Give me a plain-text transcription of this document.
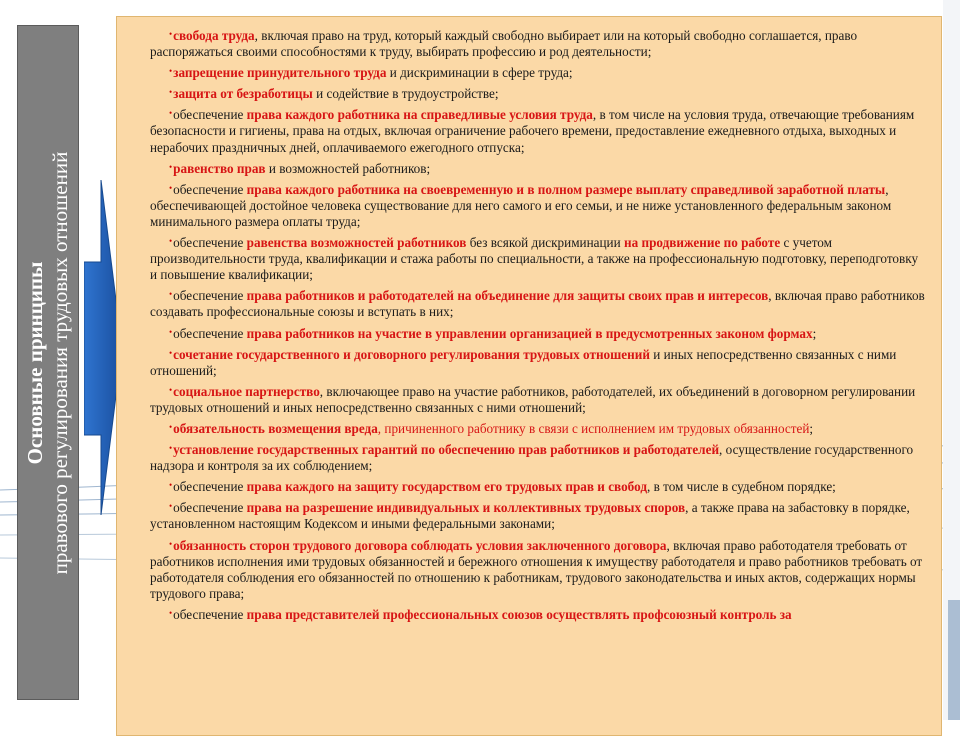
Основные принципы правового регулирования трудовых отношений
•свобода труда, включая право на труд, который каждый свободно выбирает или на который свободно соглашается, право распоряжаться своими способностями к труду, выбирать профессию и род деятельности;
•запрещение принудительного труда и дискриминации в сфере труда;
•защита от безработицы и содействие в трудоустройстве;
•обеспечение права каждого работника на справедливые условия труда, в том числе на условия труда, отвечающие требованиям безопасности и гигиены, права на отдых, включая ограничение рабочего времени, предоставление ежедневного отдыха, выходных и нерабочих праздничных дней, оплачиваемого ежегодного отпуска;
•равенство прав и возможностей работников;
•обеспечение права каждого работника на своевременную и в полном размере выплату справедливой заработной платы, обеспечивающей достойное человека существование для него самого и его семьи, и не ниже установленного федеральным законом минимального размера оплаты труда;
•обеспечение равенства возможностей работников без всякой дискриминации на продвижение по работе с учетом производительности труда, квалификации и стажа работы по специальности, а также на профессиональную подготовку, переподготовку и повышение квалификации;
•обеспечение права работников и работодателей на объединение для защиты своих прав и интересов, включая право работников создавать профессиональные союзы и вступать в них;
•обеспечение права работников на участие в управлении организацией в предусмотренных законом формах;
•сочетание государственного и договорного регулирования трудовых отношений и иных непосредственно связанных с ними отношений;
•социальное партнерство, включающее право на участие работников, работодателей, их объединений в договорном регулировании трудовых отношений и иных непосредственно связанных с ними отношений;
•обязательность возмещения вреда, причиненного работнику в связи с исполнением им трудовых обязанностей;
•установление государственных гарантий по обеспечению прав работников и работодателей, осуществление государственного надзора и контроля за их соблюдением;
•обеспечение права каждого на защиту государством его трудовых прав и свобод, в том числе в судебном порядке;
•обеспечение права на разрешение индивидуальных и коллективных трудовых споров, а также права на забастовку в порядке, установленном настоящим Кодексом и иными федеральными законами;
•обязанность сторон трудового договора соблюдать условия заключенного договора, включая право работодателя требовать от работников исполнения ими трудовых обязанностей и бережного отношения к имуществу работодателя и право работников требовать от работодателя соблюдения его обязанностей по отношению к работникам, трудового законодательства и иных актов, содержащих нормы трудового права;
•обеспечение права представителей профессиональных союзов осуществлять профсоюзный контроль за
